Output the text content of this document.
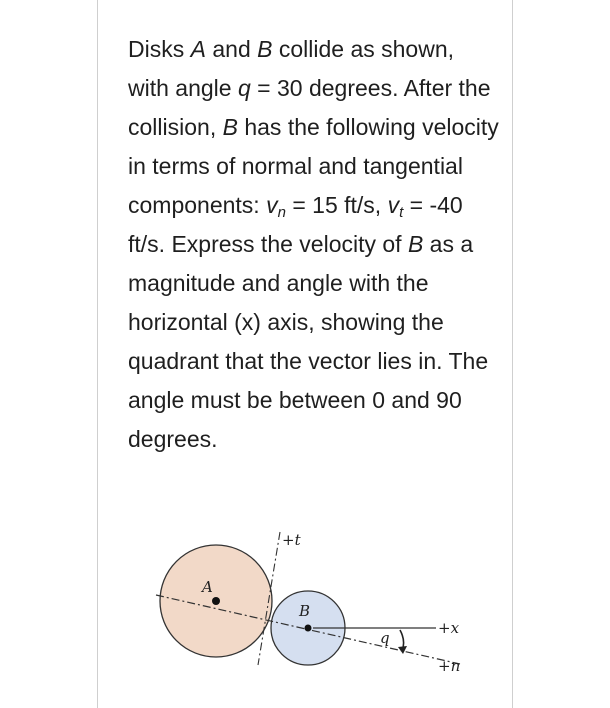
Disks A and B collide as shown, with angle q = 30 degrees. After the collision, B has the following velocity in terms of normal and tangential components: $v_n = 15$ ft/s, $v_t = -40$ ft/s. Express the velocity of B as a magnitude and angle with the horizontal (x) axis, showing the quadrant that the vector lies in. The angle must be between 0 and 90 degrees.

A
B
+t
+x
+n
q
